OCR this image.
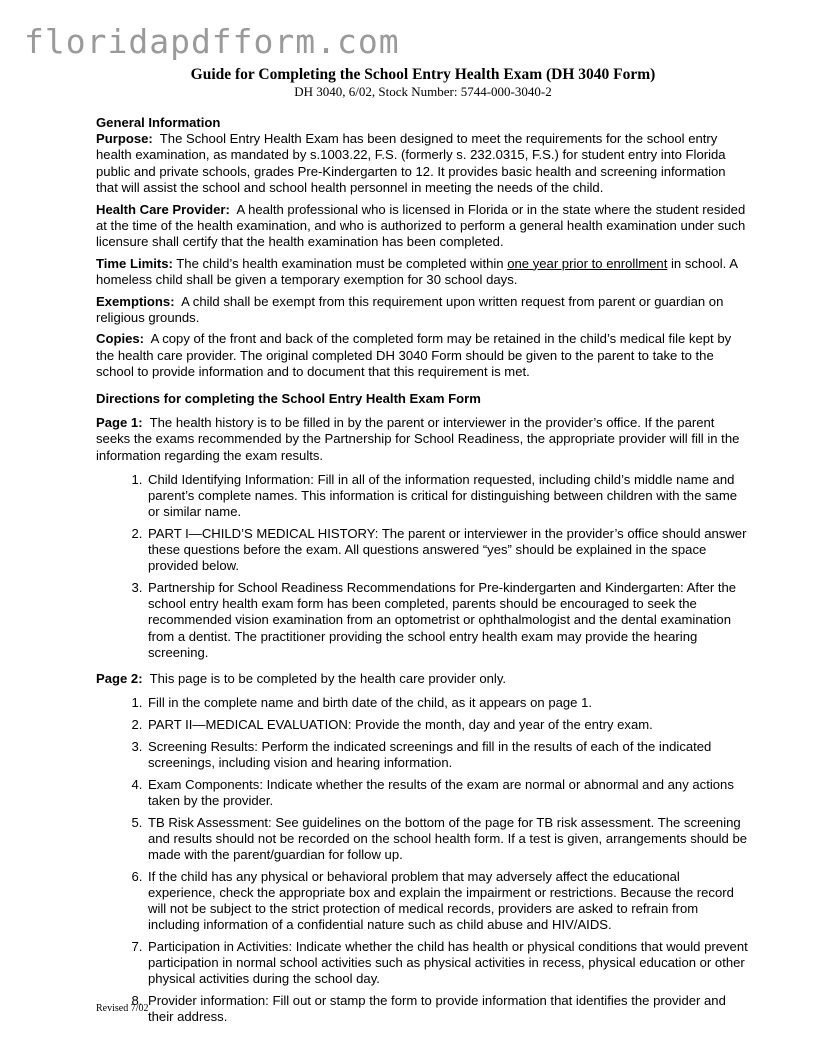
floridapdfform.com

Guide for Completing the School Entry Health Exam (DH 3040 Form)

DH 3040, 6/02, Stock Number: 5744-000-3040-2

General Information

Purpose: The School Entry Health Exam has been designed to meet the requirements for the school entry health examination, as mandated by s.1003.22, F.S. (formerly s. 232.0315, F.S.) for student entry into Florida public and private schools, grades Pre-Kindergarten to 12. It provides basic health and screening information that will assist the school and school health personnel in meeting the needs of the child.

Health Care Provider: A health professional who is licensed in Florida or in the state where the student resided at the time of the health examination, and who is authorized to perform a general health examination under such licensure shall certify that the health examination has been completed.

Time Limits: The child’s health examination must be completed within one year prior to enrollment in school. A homeless child shall be given a temporary exemption for 30 school days.

Exemptions: A child shall be exempt from this requirement upon written request from parent or guardian on religious grounds.

Copies: A copy of the front and back of the completed form may be retained in the child’s medical file kept by the health care provider. The original completed DH 3040 Form should be given to the parent to take to the school to provide information and to document that this requirement is met.

Directions for completing the School Entry Health Exam Form

Page 1: The health history is to be filled in by the parent or interviewer in the provider’s office. If the parent seeks the exams recommended by the Partnership for School Readiness, the appropriate provider will fill in the information regarding the exam results.

1. Child Identifying Information: Fill in all of the information requested, including child’s middle name and parent’s complete names. This information is critical for distinguishing between children with the same or similar name.
2. PART I—CHILD’S MEDICAL HISTORY: The parent or interviewer in the provider’s office should answer these questions before the exam. All questions answered “yes” should be explained in the space provided below.
3. Partnership for School Readiness Recommendations for Pre-kindergarten and Kindergarten: After the school entry health exam form has been completed, parents should be encouraged to seek the recommended vision examination from an optometrist or ophthalmologist and the dental examination from a dentist. The practitioner providing the school entry health exam may provide the hearing screening.

Page 2: This page is to be completed by the health care provider only.

1. Fill in the complete name and birth date of the child, as it appears on page 1.
2. PART II—MEDICAL EVALUATION: Provide the month, day and year of the entry exam.
3. Screening Results: Perform the indicated screenings and fill in the results of each of the indicated screenings, including vision and hearing information.
4. Exam Components: Indicate whether the results of the exam are normal or abnormal and any actions taken by the provider.
5. TB Risk Assessment: See guidelines on the bottom of the page for TB risk assessment. The screening and results should not be recorded on the school health form. If a test is given, arrangements should be made with the parent/guardian for follow up.
6. If the child has any physical or behavioral problem that may adversely affect the educational experience, check the appropriate box and explain the impairment or restrictions. Because the record will not be subject to the strict protection of medical records, providers are asked to refrain from including information of a confidential nature such as child abuse and HIV/AIDS.
7. Participation in Activities: Indicate whether the child has health or physical conditions that would prevent participation in normal school activities such as physical activities in recess, physical education or other physical activities during the school day.
8. Provider information: Fill out or stamp the form to provide information that identifies the provider and their address.

Revised 7/02
